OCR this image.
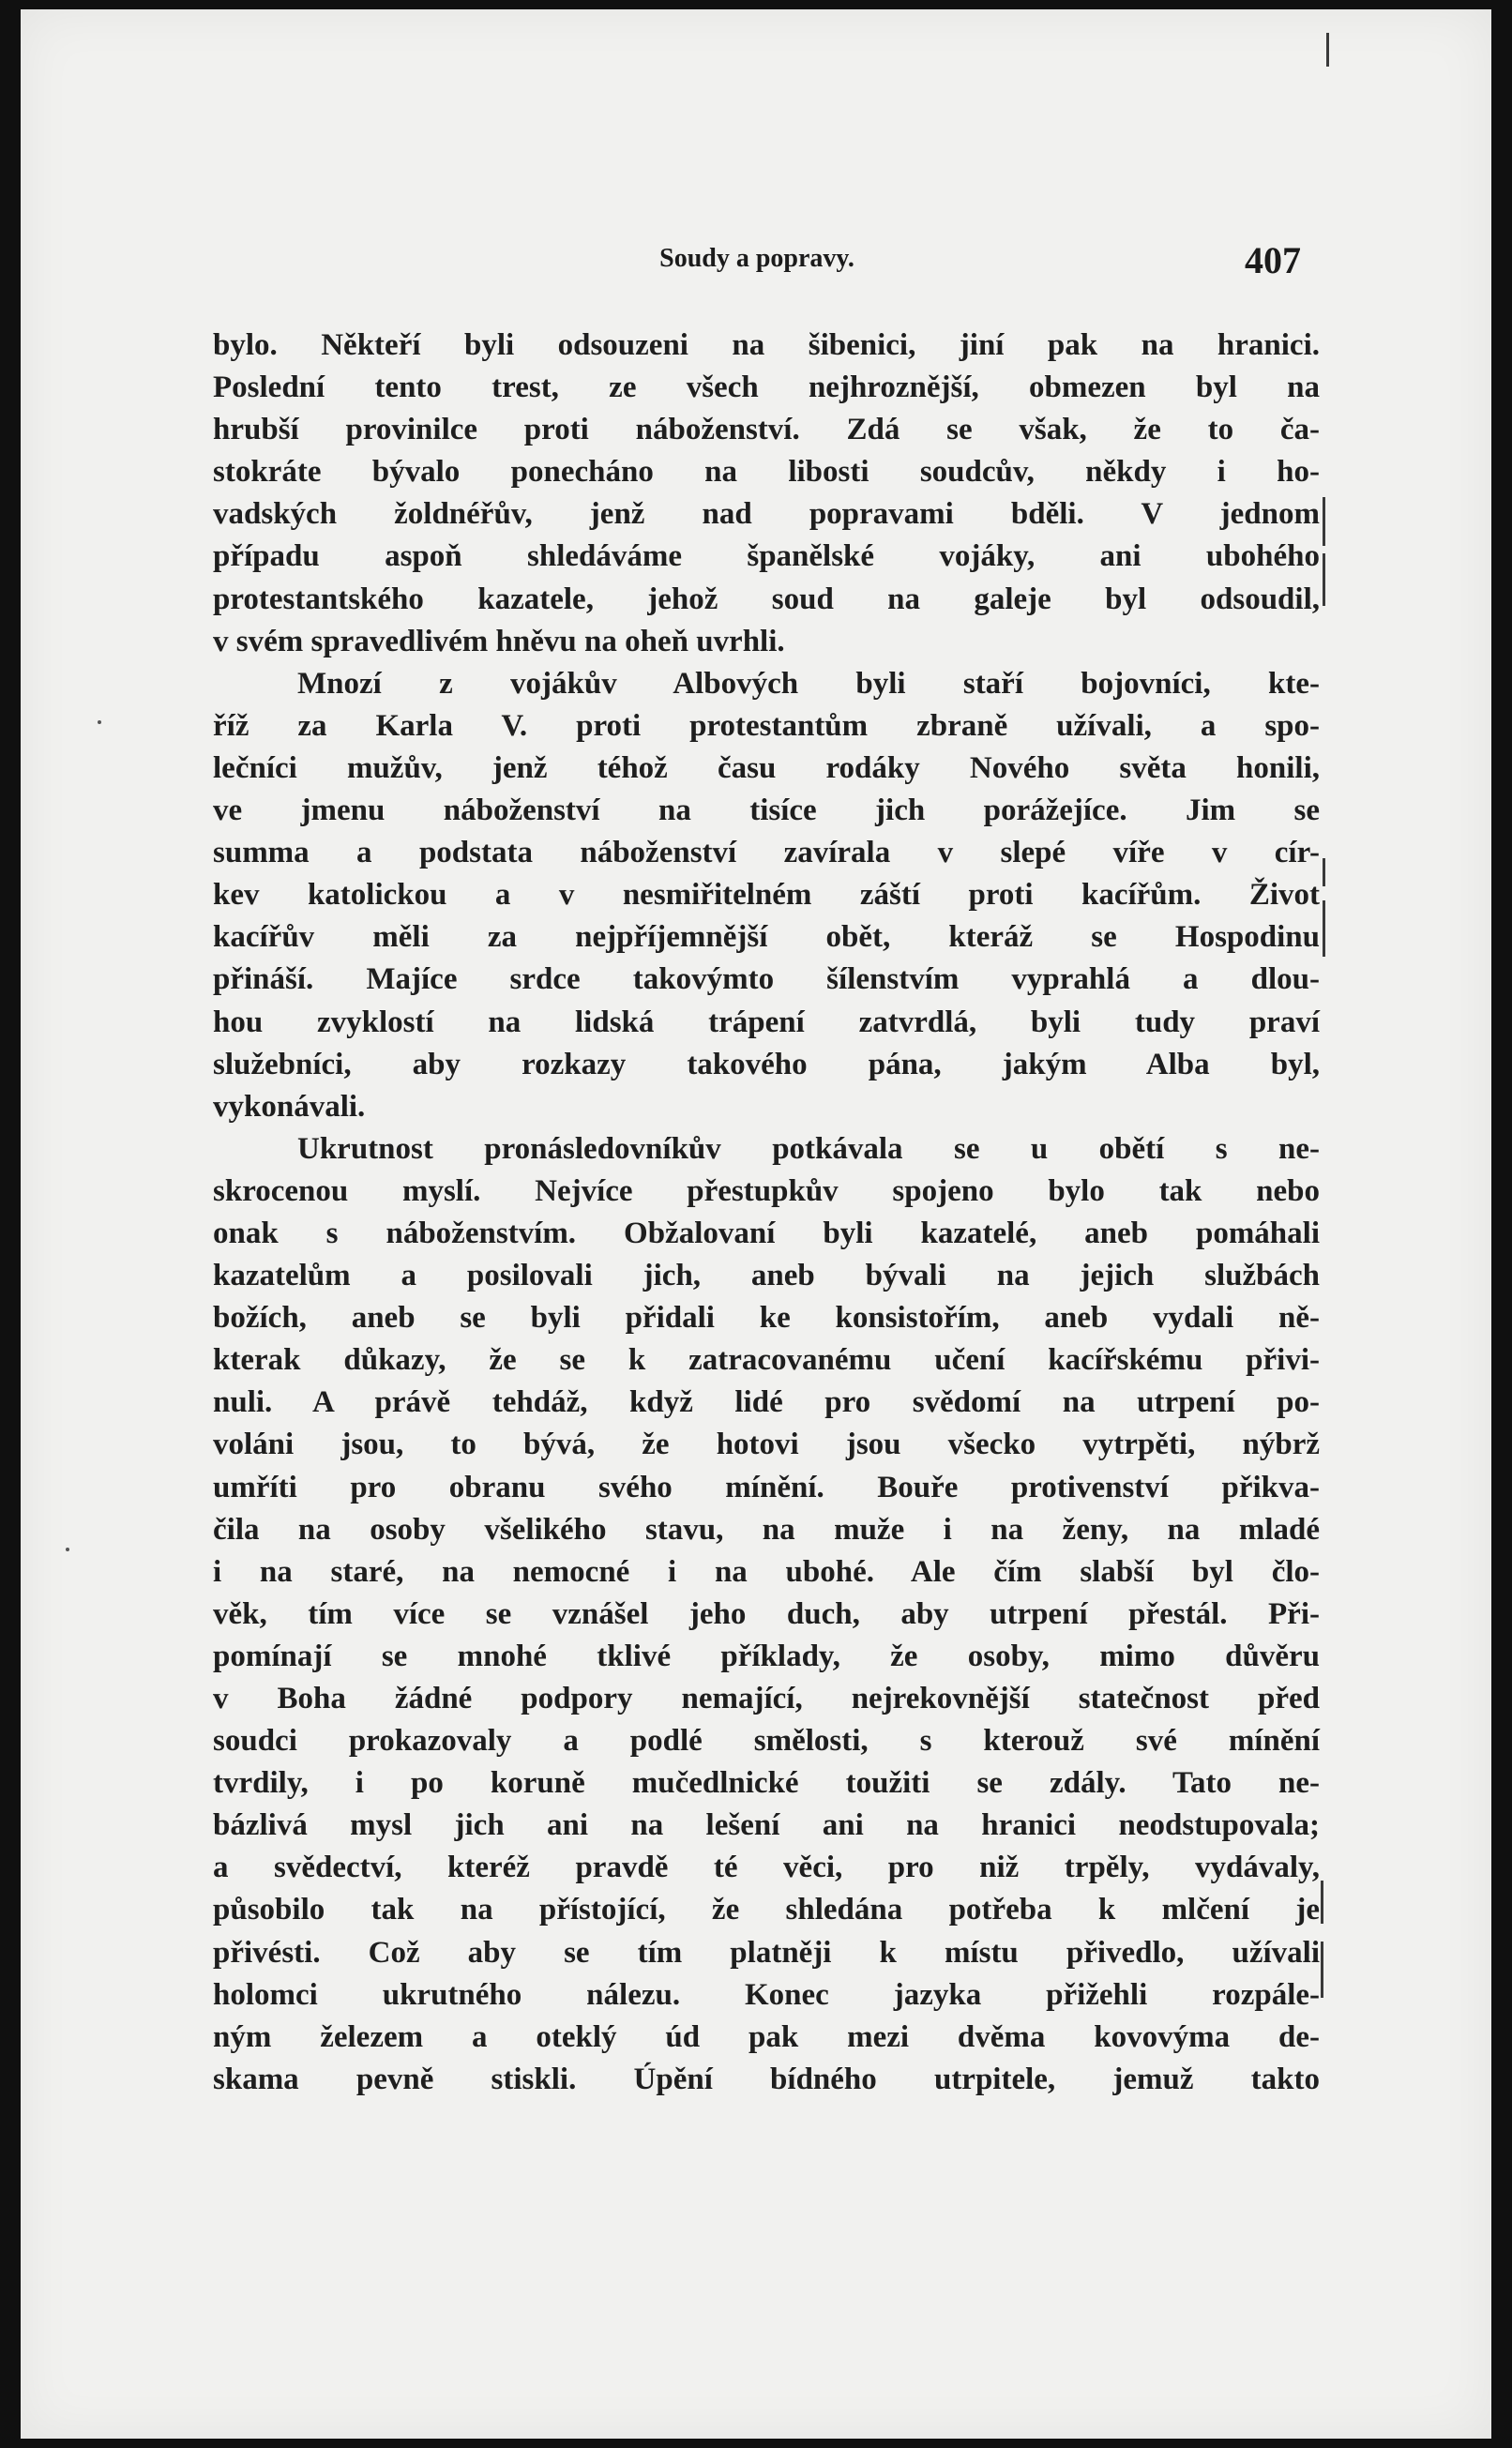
Soudy a popravy.	407
bylo. Někteří byli odsouzeni na šibenici, jiní pak na hranici.
Poslední tento trest, ze všech nejhroznější, obmezen byl na
hrubší provinilce proti náboženství. Zdá se však, že to ča-
stokráte bývalo ponecháno na libosti soudcův, někdy i ho-
vadských žoldnéřův, jenž nad popravami bděli. V jednom
případu aspoň shledáváme španělské vojáky, ani ubohého
protestantského kazatele, jehož soud na galeje byl odsoudil,
v svém spravedlivém hněvu na oheň uvrhli.
Mnozí z vojákův Albových byli staří bojovníci, kte-
říž za Karla V. proti protestantům zbraně užívali, a spo-
lečníci mužův, jenž téhož času rodáky Nového světa honili,
ve jmenu náboženství na tisíce jich porážejíce. Jim se
summa a podstata náboženství zavírala v slepé víře v cír-
kev katolickou a v nesmiřitelném záští proti kacířům. Život
kacířův měli za nejpříjemnější obět, kteráž se Hospodinu
přináší. Majíce srdce takovýmto šílenstvím vyprahlá a dlou-
hou zvyklostí na lidská trápení zatvrdlá, byli tudy praví
služebníci, aby rozkazy takového pána, jakým Alba byl,
vykonávali.
Ukrutnost pronásledovníkův potkávala se u obětí s ne-
skrocenou myslí. Nejvíce přestupkův spojeno bylo tak nebo
onak s náboženstvím. Obžalovaní byli kazatelé, aneb pomáhali
kazatelům a posilovali jich, aneb bývali na jejich službách
božích, aneb se byli přidali ke konsistořím, aneb vydali ně-
kterak důkazy, že se k zatracovanému učení kacířskému přivi-
nuli. A právě tehdáž, když lidé pro svědomí na utrpení po-
voláni jsou, to bývá, že hotovi jsou všecko vytrpěti, nýbrž
umříti pro obranu svého mínění. Bouře protivenství přikva-
čila na osoby všelikého stavu, na muže i na ženy, na mladé
i na staré, na nemocné i na ubohé. Ale čím slabší byl člo-
věk, tím více se vznášel jeho duch, aby utrpení přestál. Při-
pomínají se mnohé tklivé příklady, že osoby, mimo důvěru
v Boha žádné podpory nemající, nejrekovnější statečnost před
soudci prokazovaly a podlé smělosti, s kterouž své mínění
tvrdily, i po koruně mučedlnické toužiti se zdály. Tato ne-
bázlivá mysl jich ani na lešení ani na hranici neodstupovala;
a svědectví, kteréž pravdě té věci, pro niž trpěly, vydávaly,
působilo tak na přístojící, že shledána potřeba k mlčení je
přivésti. Což aby se tím platněji k místu přivedlo, užívali
holomci ukrutného nálezu. Konec jazyka přižehli rozpále-
ným železem a oteklý úd pak mezi dvěma kovovýma de-
skama pevně stiskli. Úpění bídného utrpitele, jemuž takto
